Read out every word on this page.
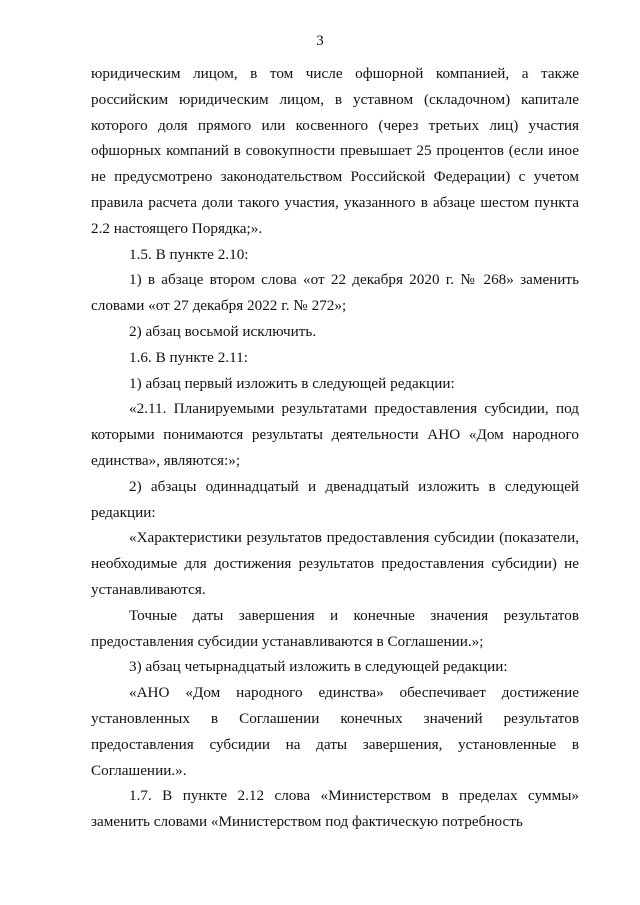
3

юридическим лицом, в том числе офшорной компанией, а также российским юридическим лицом, в уставном (складочном) капитале которого доля прямого или косвенного (через третьих лиц) участия офшорных компаний в совокупности превышает 25 процентов (если иное не предусмотрено законодательством Российской Федерации) с учетом правила расчета доли такого участия, указанного в абзаце шестом пункта 2.2 настоящего Порядка;».

1.5. В пункте 2.10:

1) в абзаце втором слова «от 22 декабря 2020 г. № 268» заменить словами «от 27 декабря 2022 г. № 272»;

2) абзац восьмой исключить.

1.6. В пункте 2.11:

1) абзац первый изложить в следующей редакции:

«2.11. Планируемыми результатами предоставления субсидии, под которыми понимаются результаты деятельности АНО «Дом народного единства», являются:»;

2) абзацы одиннадцатый и двенадцатый изложить в следующей редакции:

«Характеристики результатов предоставления субсидии (показатели, необходимые для достижения результатов предоставления субсидии) не устанавливаются.

Точные даты завершения и конечные значения результатов предоставления субсидии устанавливаются в Соглашении.»;

3) абзац четырнадцатый изложить в следующей редакции:

«АНО «Дом народного единства» обеспечивает достижение установленных в Соглашении конечных значений результатов предоставления субсидии на даты завершения, установленные в Соглашении.».

1.7. В пункте 2.12 слова «Министерством в пределах суммы» заменить словами «Министерством под фактическую потребность
